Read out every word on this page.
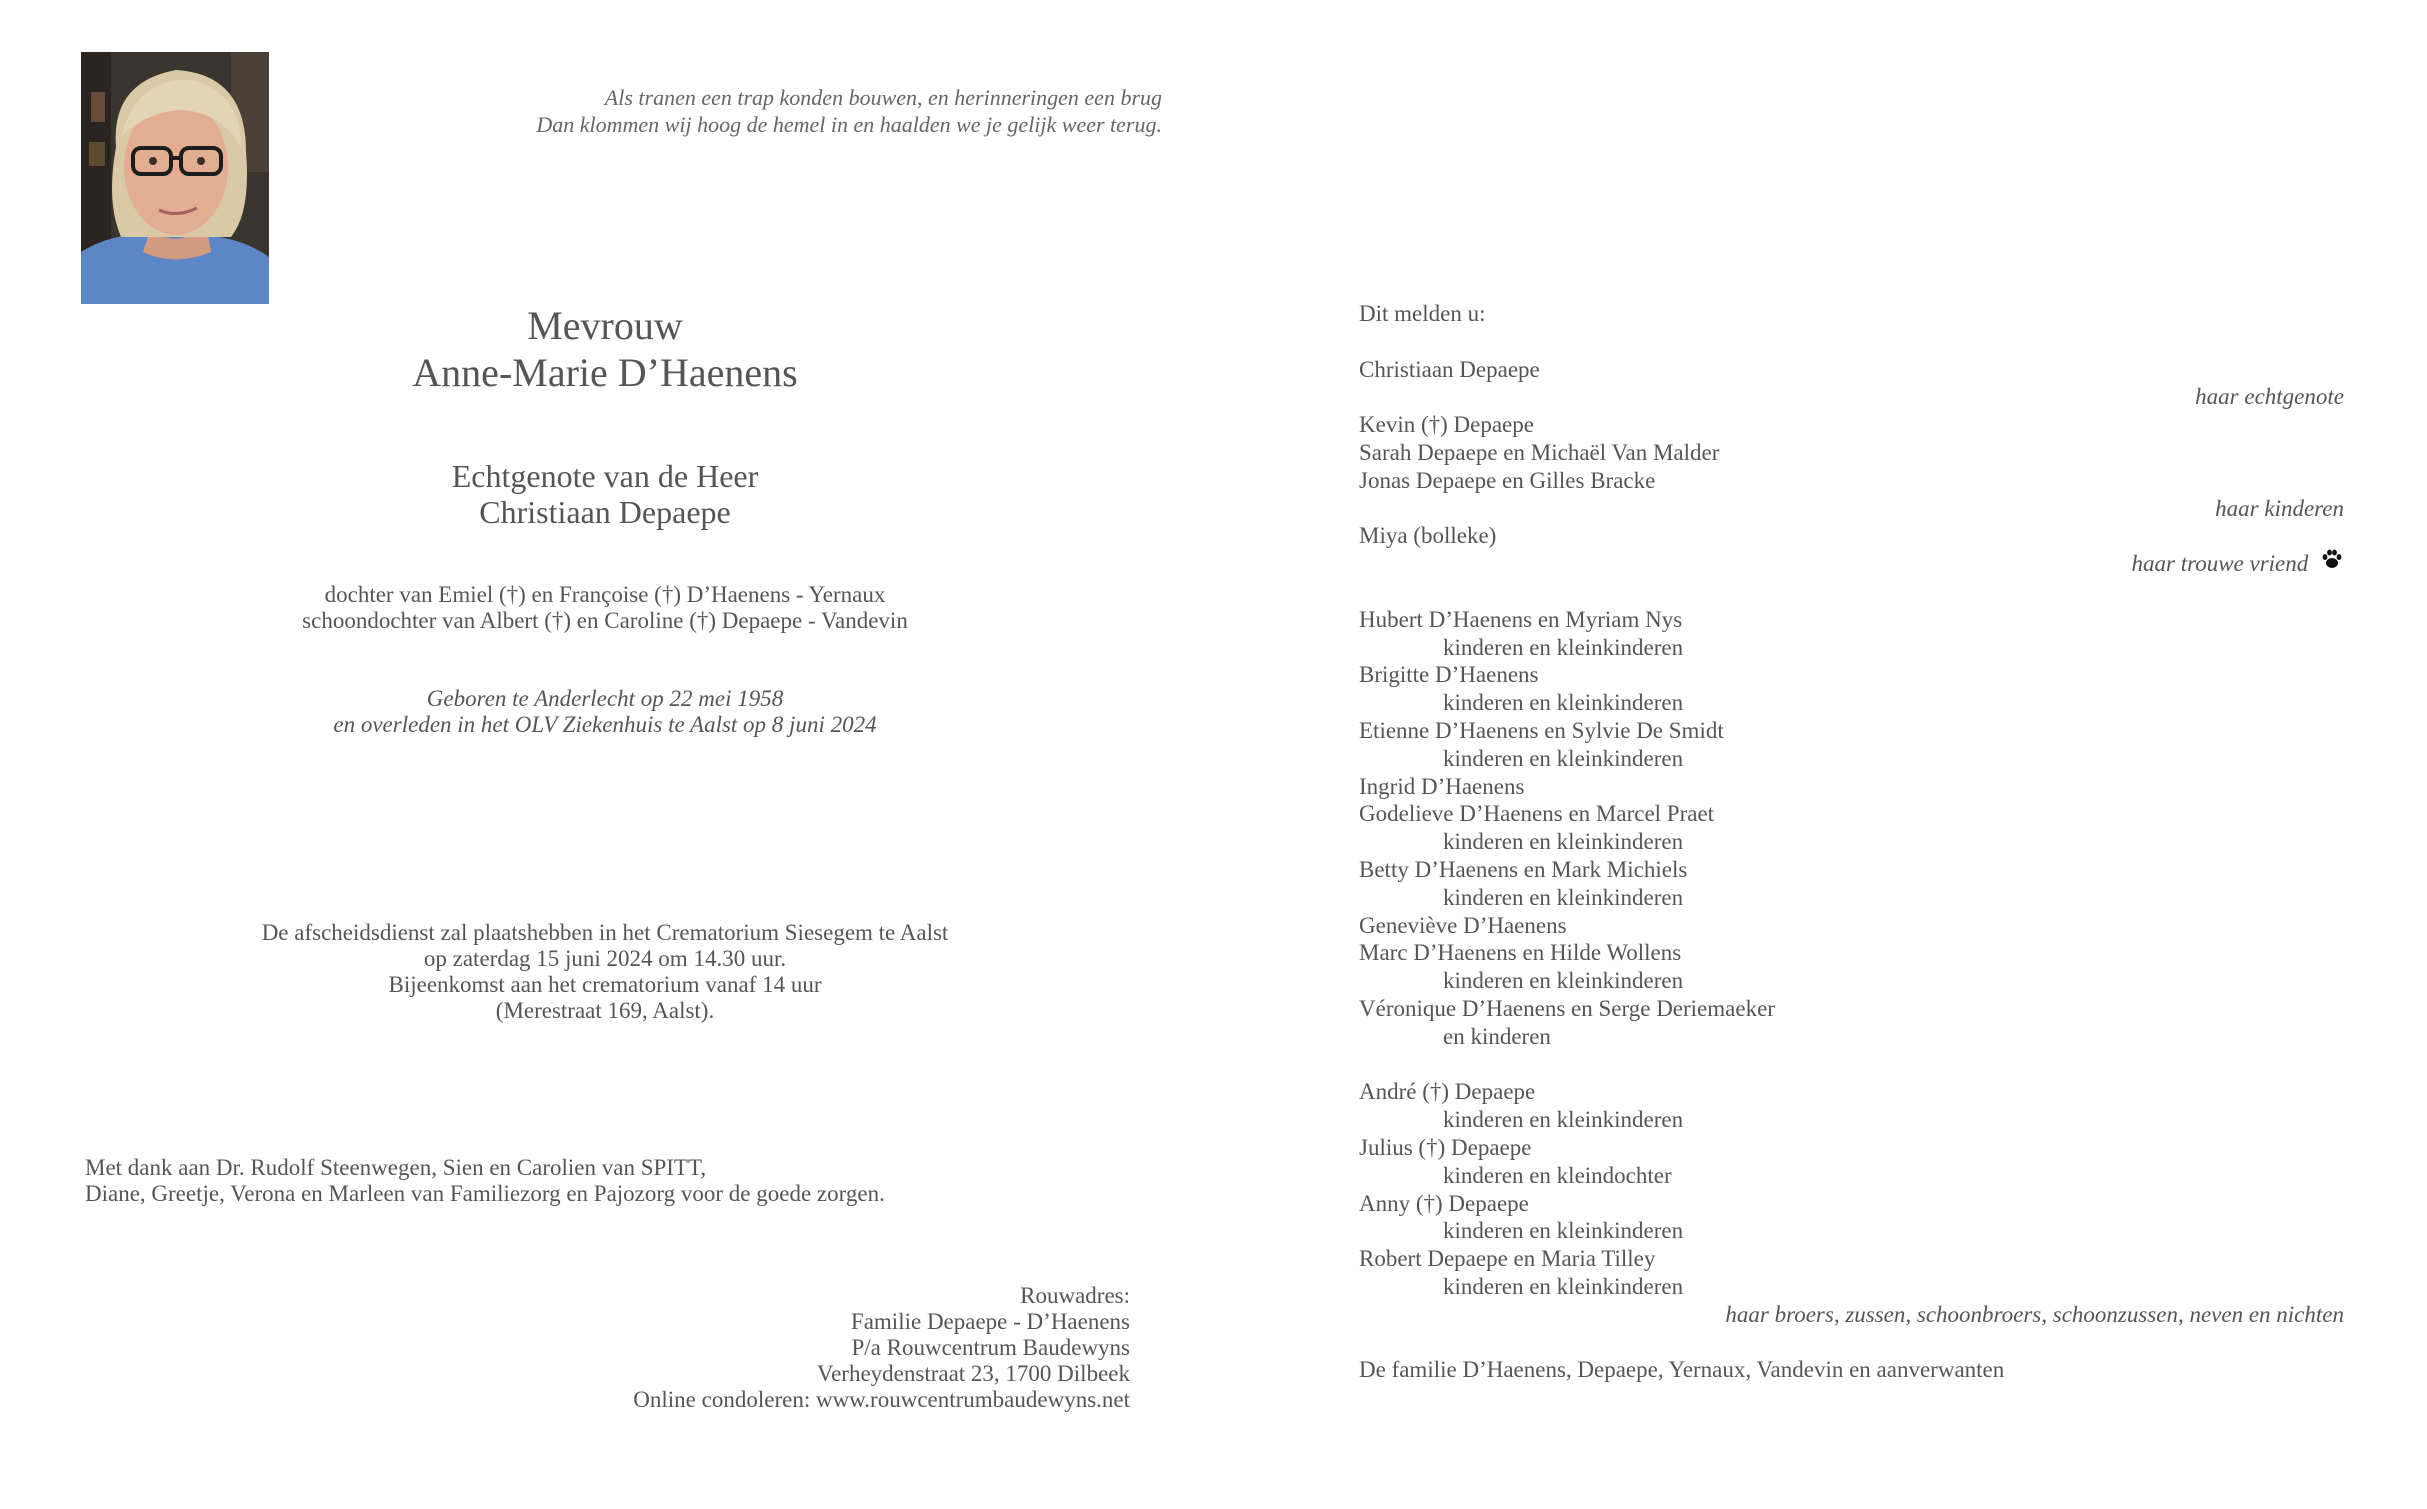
Als tranen een trap konden bouwen, en herinneringen een brug
Dan klommen wij hoog de hemel in en haalden we je gelijk weer terug.
Mevrouw
Anne-Marie D’Haenens
Echtgenote van de Heer
Christiaan Depaepe
dochter van Emiel (†) en Françoise (†) D’Haenens - Yernaux
schoondochter van Albert (†) en Caroline (†) Depaepe - Vandevin
Geboren te Anderlecht op 22 mei 1958
en overleden in het OLV Ziekenhuis te Aalst op 8 juni 2024
De afscheidsdienst zal plaatshebben in het Crematorium Siesegem te Aalst
op zaterdag 15 juni 2024 om 14.30 uur.
Bijeenkomst aan het crematorium vanaf 14 uur
(Merestraat 169, Aalst).
Met dank aan Dr. Rudolf Steenwegen, Sien en Carolien van SPITT,
Diane, Greetje, Verona en Marleen van Familiezorg en Pajozorg voor de goede zorgen.
Rouwadres:
Familie Depaepe - D’Haenens
P/a Rouwcentrum Baudewyns
Verheydenstraat 23, 1700 Dilbeek
Online condoleren: www.rouwcentrumbaudewyns.net
Dit melden u:
Christiaan Depaepe
haar echtgenote
Kevin (†) Depaepe
Sarah Depaepe en Michaël Van Malder
Jonas Depaepe en Gilles Bracke
haar kinderen
Miya (bolleke)
haar trouwe vriend
Hubert D’Haenens en Myriam Nys
kinderen en kleinkinderen
Brigitte D’Haenens
kinderen en kleinkinderen
Etienne D’Haenens en Sylvie De Smidt
kinderen en kleinkinderen
Ingrid D’Haenens
Godelieve D’Haenens en Marcel Praet
kinderen en kleinkinderen
Betty D’Haenens en Mark Michiels
kinderen en kleinkinderen
Geneviève D’Haenens
Marc D’Haenens en Hilde Wollens
kinderen en kleinkinderen
Véronique D’Haenens en Serge Deriemaeker
en kinderen
André (†) Depaepe
kinderen en kleinkinderen
Julius (†) Depaepe
kinderen en kleindochter
Anny (†) Depaepe
kinderen en kleinkinderen
Robert Depaepe en Maria Tilley
kinderen en kleinkinderen
haar broers, zussen, schoonbroers, schoonzussen, neven en nichten
De familie D’Haenens, Depaepe, Yernaux, Vandevin en aanverwanten
